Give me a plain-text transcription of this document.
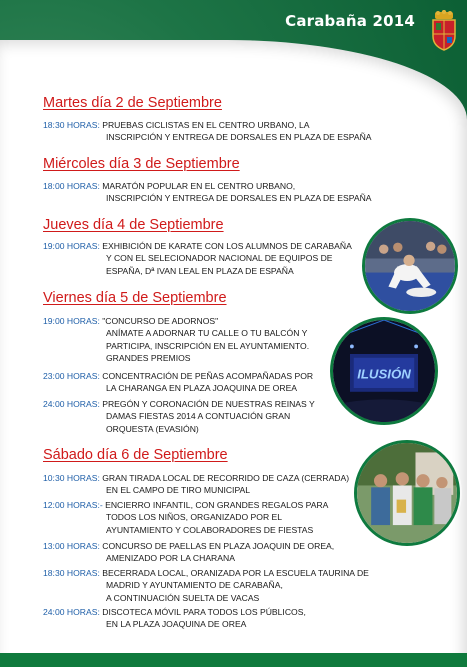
Carabaña 2014
Martes día 2 de Septiembre
18:30 HORAS: PRUEBAS CICLISTAS EN EL CENTRO URBANO, LA
INSCRIPCIÓN Y ENTREGA DE DORSALES EN PLAZA DE ESPAÑA
Miércoles día 3 de Septiembre
18:00 HORAS: MARATÓN POPULAR EN EL CENTRO URBANO,
INSCRIPCIÓN Y ENTREGA DE DORSALES EN PLAZA DE ESPAÑA
Jueves día 4 de Septiembre
19:00 HORAS: EXHIBICIÓN DE KARATE CON LOS ALUMNOS DE CARABAÑA
Y CON EL SELECIONADOR NACIONAL DE EQUIPOS DE
ESPAÑA, Dª IVAN LEAL EN PLAZA DE ESPAÑA
Viernes día 5 de Septiembre
19:00 HORAS: "CONCURSO DE ADORNOS"
ANÍMATE A ADORNAR TU CALLE O TU BALCÓN Y
PARTICIPA, INSCRIPCIÓN EN EL AYUNTAMIENTO.
GRANDES PREMIOS
23:00 HORAS: CONCENTRACIÓN DE PEÑAS ACOMPAÑADAS POR
LA CHARANGA EN PLAZA JOAQUINA DE OREA
24:00 HORAS: PREGÓN Y CORONACIÓN DE NUESTRAS REINAS Y
DAMAS FIESTAS 2014 A CONTUACIÓN GRAN
ORQUESTA (EVASIÓN)
Sábado día 6 de Septiembre
10:30 HORAS: GRAN TIRADA LOCAL DE RECORRIDO DE CAZA (CERRADA)
EN EL CAMPO DE TIRO MUNICIPAL
12:00 HORAS:- ENCIERRO INFANTIL, CON GRANDES REGALOS PARA
TODOS LOS NIÑOS, ORGANIZADO POR EL
AYUNTAMIENTO Y COLABORADORES DE FIESTAS
13:00 HORAS: CONCURSO DE PAELLAS EN PLAZA JOAQUIN DE OREA,
AMENIZADO POR LA CHARANA
18:30 HORAS: BECERRADA LOCAL, ORANIZADA POR LA ESCUELA TAURINA DE
MADRID Y AYUNTAMIENTO DE CARABAÑA,
A CONTINUACIÓN SUELTA DE VACAS
24:00 HORAS: DISCOTECA MÓVIL PARA TODOS LOS PÚBLICOS,
EN LA PLAZA JOAQUINA DE OREA
ILUSIÓN
